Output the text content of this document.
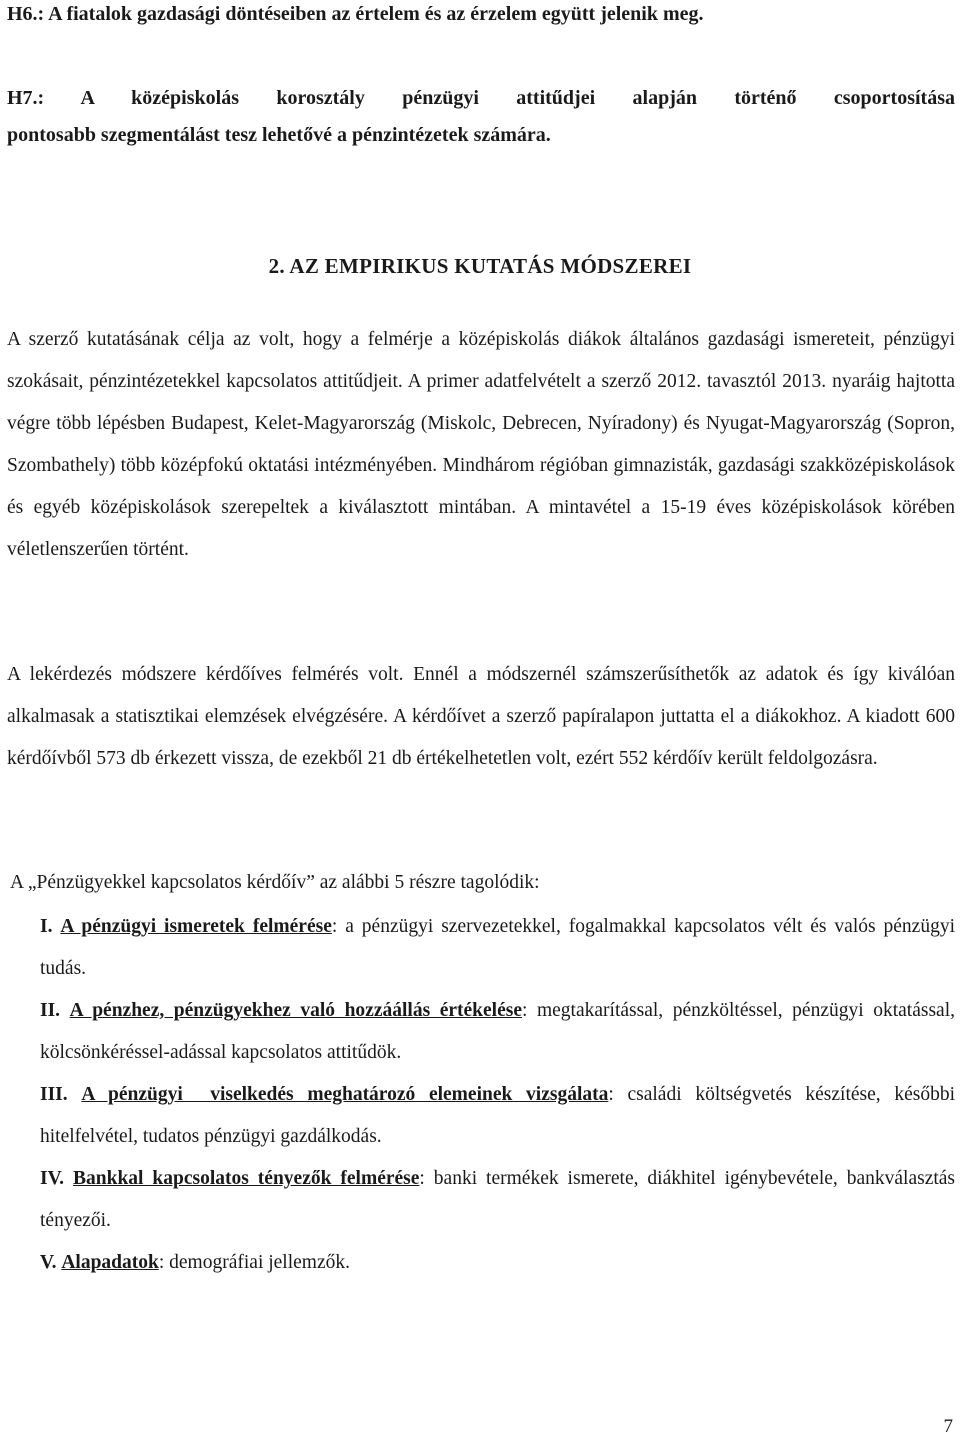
H6.: A fiatalok gazdasági döntéseiben az értelem és az érzelem együtt jelenik meg.
H7.: A középiskolás korosztály pénzügyi attitűdjei alapján történő csoportosítása
pontosabb szegmentálást tesz lehetővé a pénzintézetek számára.
2. AZ EMPIRIKUS KUTATÁS MÓDSZEREI
A szerző kutatásának célja az volt, hogy a felmérje a középiskolás diákok általános gazdasági ismereteit, pénzügyi szokásait, pénzintézetekkel kapcsolatos attitűdjeit. A primer adatfelvételt a szerző 2012. tavasztól 2013. nyaráig hajtotta végre több lépésben Budapest, Kelet-Magyarország (Miskolc, Debrecen, Nyíradony) és Nyugat-Magyarország (Sopron, Szombathely) több középfokú oktatási intézményében. Mindhárom régióban gimnazisták, gazdasági szakközépiskolások és egyéb középiskolások szerepeltek a kiválasztott mintában. A mintavétel a 15-19 éves középiskolások körében véletlenszerűen történt.
A lekérdezés módszere kérdőíves felmérés volt. Ennél a módszernél számszerűsíthetők az adatok és így kiválóan alkalmasak a statisztikai elemzések elvégzésére. A kérdőívet a szerző papíralapon juttatta el a diákokhoz. A kiadott 600 kérdőívből 573 db érkezett vissza, de ezekből 21 db értékelhetetlen volt, ezért 552 kérdőív került feldolgozásra.
A „Pénzügyekkel kapcsolatos kérdőív” az alábbi 5 részre tagolódik:
I. A pénzügyi ismeretek felmérése: a pénzügyi szervezetekkel, fogalmakkal kapcsolatos vélt és valós pénzügyi tudás.
II. A pénzhez, pénzügyekhez való hozzáállás értékelése: megtakarítással, pénzköltéssel, pénzügyi oktatással, kölcsönkéréssel-adással kapcsolatos attitűdök.
III. A pénzügyi  viselkedés meghatározó elemeinek vizsgálata: családi költségvetés készítése, későbbi hitelfelvétel, tudatos pénzügyi gazdálkodás.
IV. Bankkal kapcsolatos tényezők felmérése: banki termékek ismerete, diákhitel igénybevétele, bankválasztás tényezői.
V. Alapadatok: demográfiai jellemzők.
7
